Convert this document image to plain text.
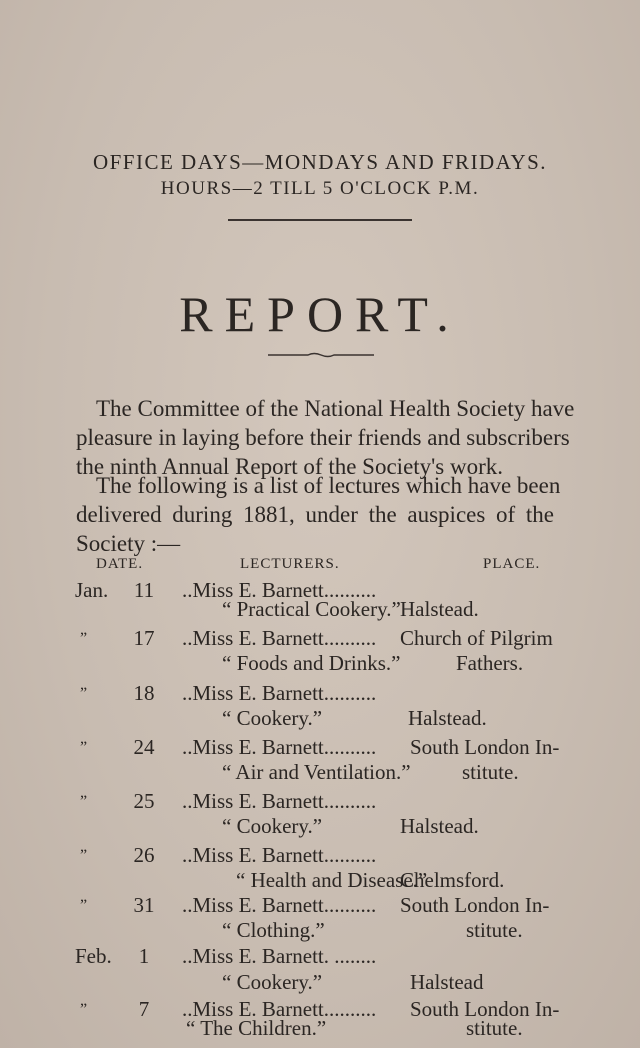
OFFICE DAYS—MONDAYS AND FRIDAYS.
HOURS—2 TILL 5 O'CLOCK P.M.
REPORT.
The Committee of the National Health Society have
pleasure in laying before their friends and subscribers
the ninth Annual Report of the Society's work.
The following is a list of lectures which have been
delivered during 1881, under the auspices of the
Society :—
DATE.	LECTURERS.	PLACE.
Jan.	11	..Miss E. Barnett..........
“ Practical Cookery.” Halstead.
”	17	..Miss E. Barnett.......... Church of Pilgrim
“ Foods and Drinks.”	Fathers.
”	18	..Miss E. Barnett..........
“ Cookery.”	Halstead.
”	24	..Miss E. Barnett.......... South London In-
“ Air and Ventilation.” stitute.
”	25	..Miss E. Barnett..........
“ Cookery.”	Halstead.
”	26	..Miss E. Barnett..........
“ Health and Disease.”
Chelmsford.
”	31	..Miss E. Barnett.......... South London In-
“ Clothing.”	stitute.
Feb.	1	..Miss E. Barnett. ........
“ Cookery.”	Halstead
”	7	..Miss E. Barnett.......... South London In-
“ The Children.”	stitute.
